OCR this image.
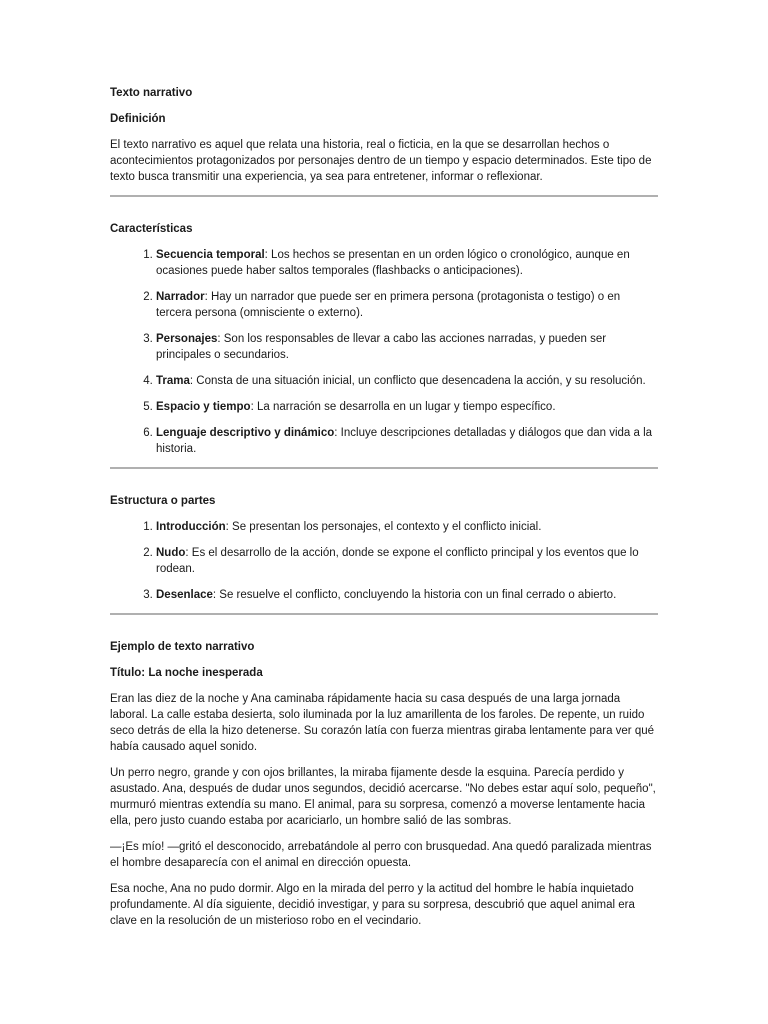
Texto narrativo
Definición

El texto narrativo es aquel que relata una historia, real o ficticia, en la que se desarrollan hechos o acontecimientos protagonizados por personajes dentro de un tiempo y espacio determinados. Este tipo de texto busca transmitir una experiencia, ya sea para entretener, informar o reflexionar.

Características
1. Secuencia temporal: Los hechos se presentan en un orden lógico o cronológico, aunque en ocasiones puede haber saltos temporales (flashbacks o anticipaciones).
2. Narrador: Hay un narrador que puede ser en primera persona (protagonista o testigo) o en tercera persona (omnisciente o externo).
3. Personajes: Son los responsables de llevar a cabo las acciones narradas, y pueden ser principales o secundarios.
4. Trama: Consta de una situación inicial, un conflicto que desencadena la acción, y su resolución.
5. Espacio y tiempo: La narración se desarrolla en un lugar y tiempo específico.
6. Lenguaje descriptivo y dinámico: Incluye descripciones detalladas y diálogos que dan vida a la historia.
Estructura o partes
1. Introducción: Se presentan los personajes, el contexto y el conflicto inicial.
2. Nudo: Es el desarrollo de la acción, donde se expone el conflicto principal y los eventos que lo rodean.
3. Desenlace: Se resuelve el conflicto, concluyendo la historia con un final cerrado o abierto.
Ejemplo de texto narrativo
Título: La noche inesperada

Eran las diez de la noche y Ana caminaba rápidamente hacia su casa después de una larga jornada laboral. La calle estaba desierta, solo iluminada por la luz amarillenta de los faroles. De repente, un ruido seco detrás de ella la hizo detenerse. Su corazón latía con fuerza mientras giraba lentamente para ver qué había causado aquel sonido.

Un perro negro, grande y con ojos brillantes, la miraba fijamente desde la esquina. Parecía perdido y asustado. Ana, después de dudar unos segundos, decidió acercarse. "No debes estar aquí solo, pequeño", murmuró mientras extendía su mano. El animal, para su sorpresa, comenzó a moverse lentamente hacia ella, pero justo cuando estaba por acariciarlo, un hombre salió de las sombras.

—¡Es mío! —gritó el desconocido, arrebatándole al perro con brusquedad. Ana quedó paralizada mientras el hombre desaparecía con el animal en dirección opuesta.

Esa noche, Ana no pudo dormir. Algo en la mirada del perro y la actitud del hombre le había inquietado profundamente. Al día siguiente, decidió investigar, y para su sorpresa, descubrió que aquel animal era clave en la resolución de un misterioso robo en el vecindario.
